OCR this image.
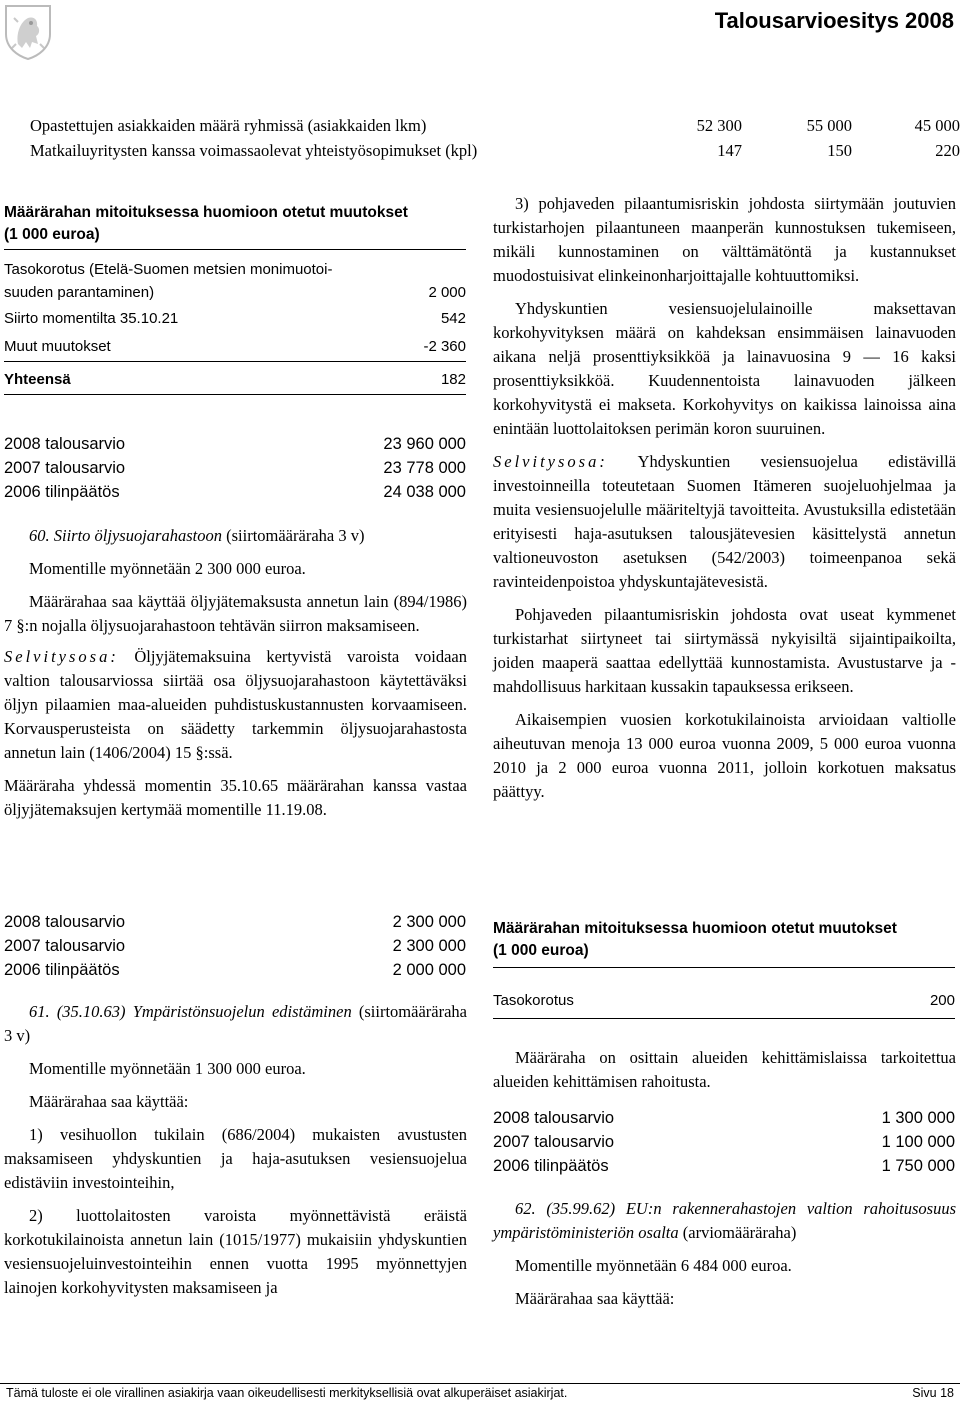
Talousarvioesitys 2008
Opastettujen asiakkaiden määrä ryhmissä (asiakkaiden lkm)	52 300	55 000	45 000
Matkailuyritysten kanssa voimassaolevat yhteistyösopimukset (kpl)	147	150	220
Määrärahan mitoituksessa huomioon otetut muutokset
(1 000 euroa)
Tasokorotus (Etelä-Suomen metsien monimuotoi-
suuden parantaminen)	2 000
Siirto momentilta 35.10.21	542
Muut muutokset	-2 360
Yhteensä	182
2008 talousarvio	23 960 000
2007 talousarvio	23 778 000
2006 tilinpäätös	24 038 000
60. Siirto öljysuojarahastoon (siirtomääräraha 3 v)
Momentille myönnetään 2 300 000 euroa.
Määrärahaa saa käyttää öljyjätemaksusta annetun lain (894/1986) 7 §:n nojalla öljysuojarahastoon tehtävän siirron maksamiseen.
Selvitysosa: Öljyjätemaksuina kertyvistä varoista voidaan valtion talousarviossa siirtää osa öljysuojarahastoon käytettäväksi öljyn pilaamien maa-alueiden puhdistuskustannusten korvaamiseen. Korvausperusteista on säädetty tarkemmin öljysuojarahastosta annetun lain (1406/2004) 15 §:ssä.
Määräraha yhdessä momentin 35.10.65 määrärahan kanssa vastaa öljyjätemaksujen kertymää momentille 11.19.08.
2008 talousarvio	2 300 000
2007 talousarvio	2 300 000
2006 tilinpäätös	2 000 000
61. (35.10.63) Ympäristönsuojelun edistäminen (siirtomääräraha 3 v)
Momentille myönnetään 1 300 000 euroa.
Määrärahaa saa käyttää:
1) vesihuollon tukilain (686/2004) mukaisten avustusten maksamiseen yhdyskuntien ja haja-asutuksen vesiensuojelua edistäviin investointeihin,
2) luottolaitosten varoista myönnettävistä eräistä korkotukilainoista annetun lain (1015/1977) mukaisiin yhdyskuntien vesiensuojeluinvestointeihin ennen vuotta 1995 myönnettyjen lainojen korkohyvitysten maksamiseen ja
3) pohjaveden pilaantumisriskin johdosta siirtymään joutuvien turkistarhojen pilaantuneen maanperän kunnostuksen tukemiseen, mikäli kunnostaminen on välttämätöntä ja kustannukset muodostuisivat elinkeinonharjoittajalle kohtuuttomiksi.
Yhdyskuntien vesiensuojelulainoille maksettavan korkohyvityksen määrä on kahdeksan ensimmäisen lainavuoden aikana neljä prosenttiyksikköä ja lainavuosina 9 — 16 kaksi prosenttiyksikköä. Kuudennentoista lainavuoden jälkeen korkohyvitystä ei makseta. Korkohyvitys on kaikissa lainoissa aina enintään luottolaitoksen perimän koron suuruinen.
Selvitysosa: Yhdyskuntien vesiensuojelua edistävillä investoinneilla toteutetaan Suomen Itämeren suojeluohjelmaa ja muita vesiensuojelulle määriteltyjä tavoitteita. Avustuksilla edistetään erityisesti haja-asutuksen talousjätevesien käsittelystä annetun valtioneuvoston asetuksen (542/2003) toimeenpanoa sekä ravinteidenpoistoa yhdyskuntajätevesistä.
Pohjaveden pilaantumisriskin johdosta ovat useat kymmenet turkistarhat siirtyneet tai siirtymässä nykyisiltä sijaintipaikoilta, joiden maaperä saattaa edellyttää kunnostamista. Avustustarve ja -mahdollisuus harkitaan kussakin tapauksessa erikseen.
Aikaisempien vuosien korkotukilainoista arvioidaan valtiolle aiheutuvan menoja 13 000 euroa vuonna 2009, 5 000 euroa vuonna 2010 ja 2 000 euroa vuonna 2011, jolloin korkotuen maksatus päättyy.
Määrärahan mitoituksessa huomioon otetut muutokset
(1 000 euroa)
Tasokorotus	200
Määräraha on osittain alueiden kehittämislaissa tarkoitettua alueiden kehittämisen rahoitusta.
2008 talousarvio	1 300 000
2007 talousarvio	1 100 000
2006 tilinpäätös	1 750 000
62. (35.99.62) EU:n rakennerahastojen valtion rahoitusosuus ympäristöministeriön osalta (arviomääräraha)
Momentille myönnetään 6 484 000 euroa.
Määrärahaa saa käyttää:
Tämä tuloste ei ole virallinen asiakirja vaan oikeudellisesti merkityksellisiä ovat alkuperäiset asiakirjat.	Sivu 18
